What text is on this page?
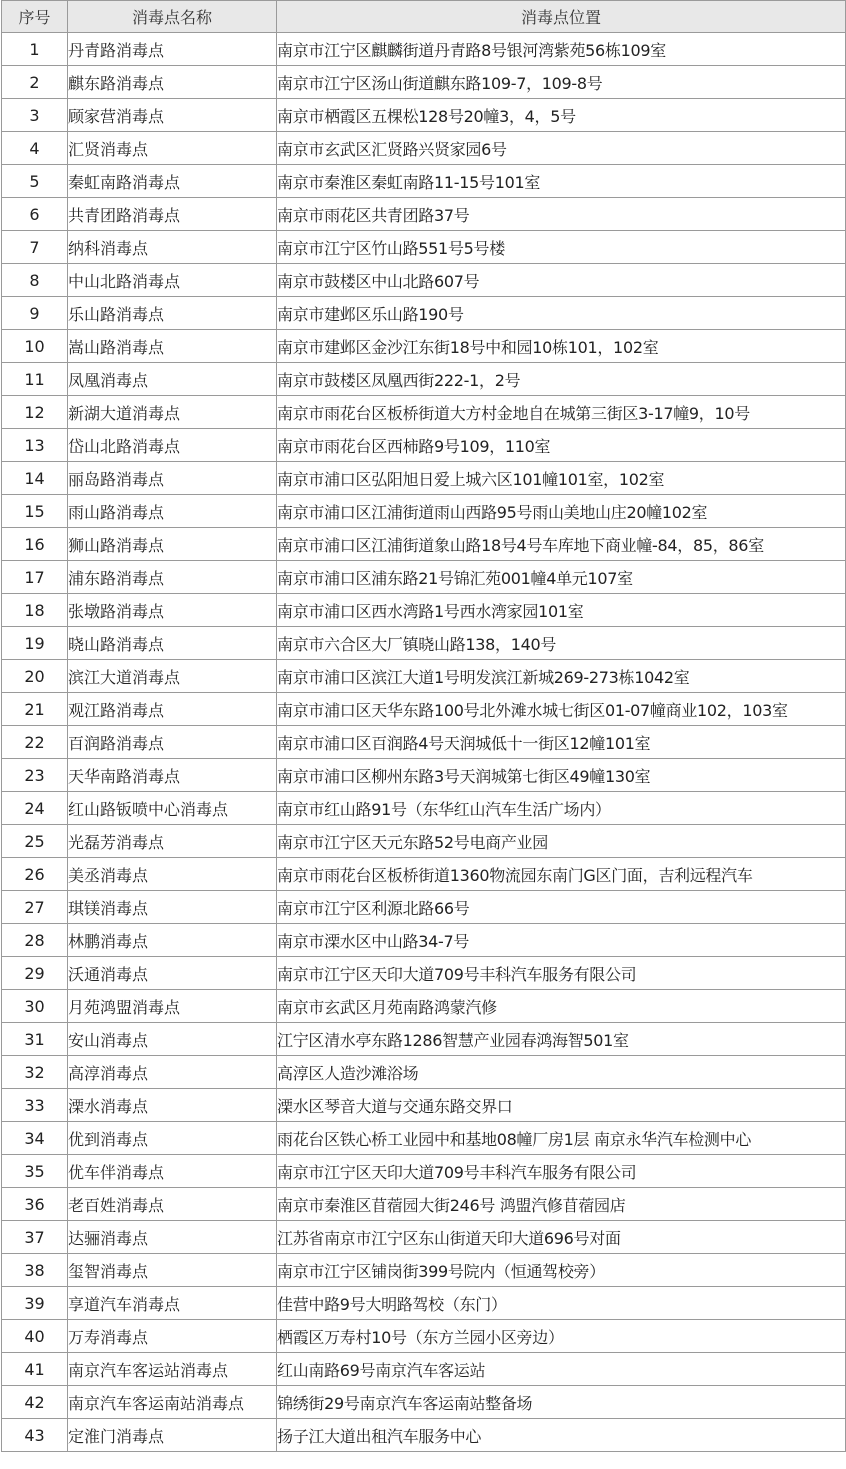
序号	消毒点名称	消毒点位置
1	丹青路消毒点	南京市江宁区麒麟街道丹青路8号银河湾紫苑56栋109室
2	麒东路消毒点	南京市江宁区汤山街道麒东路109-7，109-8号
3	顾家营消毒点	南京市栖霞区五棵松128号20幢3，4，5号
4	汇贤消毒点	南京市玄武区汇贤路兴贤家园6号
5	秦虹南路消毒点	南京市秦淮区秦虹南路11-15号101室
6	共青团路消毒点	南京市雨花区共青团路37号
7	纳科消毒点	南京市江宁区竹山路551号5号楼
8	中山北路消毒点	南京市鼓楼区中山北路607号
9	乐山路消毒点	南京市建邺区乐山路190号
10	嵩山路消毒点	南京市建邺区金沙江东街18号中和园10栋101，102室
11	凤凰消毒点	南京市鼓楼区凤凰西街222-1，2号
12	新湖大道消毒点	南京市雨花台区板桥街道大方村金地自在城第三街区3-17幢9，10号
13	岱山北路消毒点	南京市雨花台区西柿路9号109，110室
14	丽岛路消毒点	南京市浦口区弘阳旭日爱上城六区101幢101室，102室
15	雨山路消毒点	南京市浦口区江浦街道雨山西路95号雨山美地山庄20幢102室
16	狮山路消毒点	南京市浦口区江浦街道象山路18号4号车库地下商业幢-84，85，86室
17	浦东路消毒点	南京市浦口区浦东路21号锦汇苑001幢4单元107室
18	张墩路消毒点	南京市浦口区西水湾路1号西水湾家园101室
19	晓山路消毒点	南京市六合区大厂镇晓山路138，140号
20	滨江大道消毒点	南京市浦口区滨江大道1号明发滨江新城269-273栋1042室
21	观江路消毒点	南京市浦口区天华东路100号北外滩水城七街区01-07幢商业102，103室
22	百润路消毒点	南京市浦口区百润路4号天润城低十一街区12幢101室
23	天华南路消毒点	南京市浦口区柳州东路3号天润城第七街区49幢130室
24	红山路钣喷中心消毒点	南京市红山路91号（东华红山汽车生活广场内）
25	光磊芳消毒点	南京市江宁区天元东路52号电商产业园
26	美丞消毒点	南京市雨花台区板桥街道1360物流园东南门G区门面，吉利远程汽车
27	琪镁消毒点	南京市江宁区利源北路66号
28	林鹏消毒点	南京市溧水区中山路34-7号
29	沃通消毒点	南京市江宁区天印大道709号丰科汽车服务有限公司
30	月苑鸿盟消毒点	南京市玄武区月苑南路鸿蒙汽修
31	安山消毒点	江宁区清水亭东路1286智慧产业园春鸿海智501室
32	高淳消毒点	高淳区人造沙滩浴场
33	溧水消毒点	溧水区琴音大道与交通东路交界口
34	优到消毒点	雨花台区铁心桥工业园中和基地08幢厂房1层 南京永华汽车检测中心
35	优车伴消毒点	南京市江宁区天印大道709号丰科汽车服务有限公司
36	老百姓消毒点	南京市秦淮区苜蓿园大街246号 鸿盟汽修苜蓿园店
37	达骊消毒点	江苏省南京市江宁区东山街道天印大道696号对面
38	玺智消毒点	南京市江宁区铺岗街399号院内（恒通驾校旁）
39	享道汽车消毒点	佳营中路9号大明路驾校（东门）
40	万寿消毒点	栖霞区万寿村10号（东方兰园小区旁边）
41	南京汽车客运站消毒点	红山南路69号南京汽车客运站
42	南京汽车客运南站消毒点	锦绣街29号南京汽车客运南站整备场
43	定淮门消毒点	扬子江大道出租汽车服务中心
